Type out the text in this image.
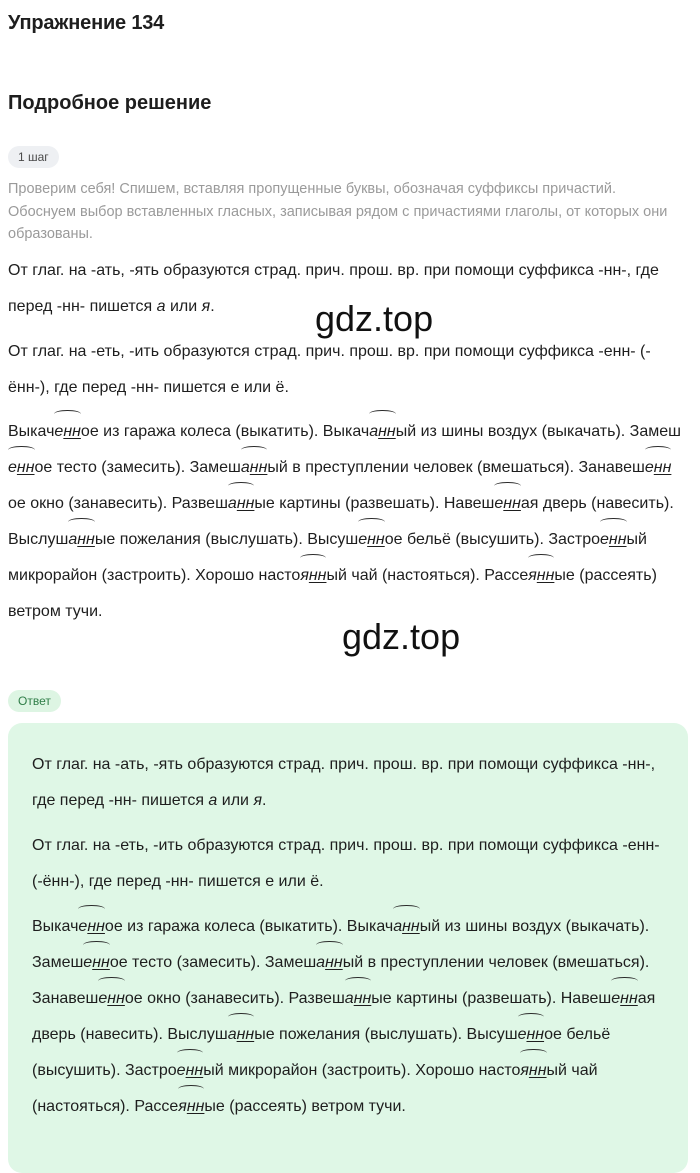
Упражнение 134
Подробное решение
1 шаг

Проверим себя! Спишем, вставляя пропущенные буквы, обозначая суффиксы причастий. Обоснуем выбор вставленных гласных, записывая рядом с причастиями глаголы, от которых они образованы.

От глаг. на -ать, -ять образуются страд. прич. прош. вр. при помощи суффикса -нн-, где перед -нн- пишется а или я.

От глаг. на -еть, -ить образуются страд. прич. прош. вр. при помощи суффикса -енн- (-ённ-), где перед -нн- пишется е или ё.
Выкаченное из гаража колеса (выкатить). Выкачанный из шины воздух (выкачать). Замешенное тесто (замесить). Замешанный в преступлении человек (вмешаться). Занавешенное окно (занавесить). Развешанные картины (развешать). Навешенная дверь (навесить). Выслушанные пожелания (выслушать). Высушенное бельё (высушить). Застроенный микрорайон (застроить). Хорошо настоянный чай (настояться). Рассеянные (рассеять) ветром тучи.
gdz.top
gdz.top
Ответ

От глаг. на -ать, -ять образуются страд. прич. прош. вр. при помощи суффикса -нн-, где перед -нн- пишется а или я.

От глаг. на -еть, -ить образуются страд. прич. прош. вр. при помощи суффикса -енн- (-ённ-), где перед -нн- пишется е или ё.
Выкаченное из гаража колеса (выкатить). Выкачанный из шины воздух (выкачать). Замешенное тесто (замесить). Замешанный в преступлении человек (вмешаться). Занавешенное окно (занавесить). Развешанные картины (развешать). Навешенная дверь (навесить). Выслушанные пожелания (выслушать). Высушенное бельё (высушить). Застроенный микрорайон (застроить). Хорошо настоянный чай (настояться). Рассеянные (рассеять) ветром тучи.
